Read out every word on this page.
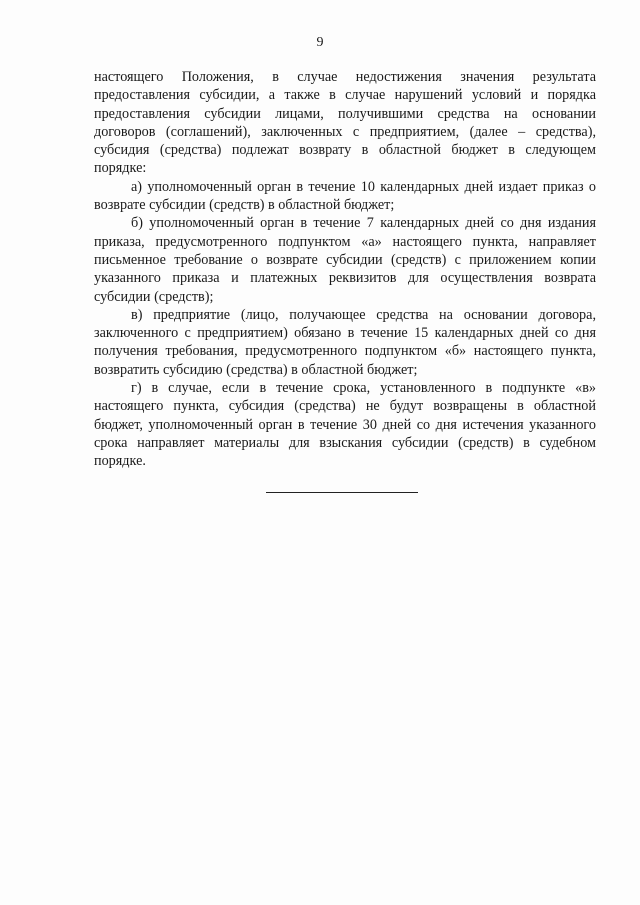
9

настоящего Положения, в случае недостижения значения результата предоставления субсидии, а также в случае нарушений условий и порядка предоставления субсидии лицами, получившими средства на основании договоров (соглашений), заключенных с предприятием, (далее – средства), субсидия (средства) подлежат возврату в областной бюджет в следующем порядке:

а) уполномоченный орган в течение 10 календарных дней издает приказ о возврате субсидии (средств) в областной бюджет;

б) уполномоченный орган в течение 7 календарных дней со дня издания приказа, предусмотренного подпунктом «а» настоящего пункта, направляет письменное требование о возврате субсидии (средств) с приложением копии указанного приказа и платежных реквизитов для осуществления возврата субсидии (средств);

в) предприятие (лицо, получающее средства на основании договора, заключенного с предприятием) обязано в течение 15 календарных дней со дня получения требования, предусмотренного подпунктом «б» настоящего пункта, возвратить субсидию (средства) в областной бюджет;

г) в случае, если в течение срока, установленного в подпункте «в» настоящего пункта, субсидия (средства) не будут возвращены в областной бюджет, уполномоченный орган в течение 30 дней со дня истечения указанного срока направляет материалы для взыскания субсидии (средств) в судебном порядке.
